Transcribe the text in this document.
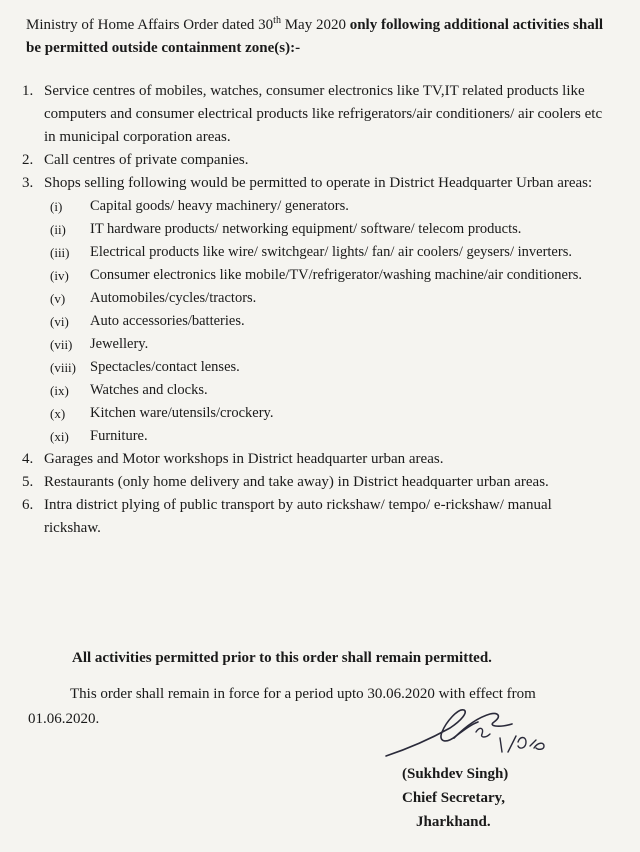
Ministry of Home Affairs Order dated 30th May 2020 only following additional activities shall be permitted outside containment zone(s):-

1. Service centres of mobiles, watches, consumer electronics like TV,IT related products like computers and consumer electrical products like refrigerators/air conditioners/ air coolers etc in municipal corporation areas.
2. Call centres of private companies.
3. Shops selling following would be permitted to operate in District Headquarter Urban areas:
(i) Capital goods/ heavy machinery/ generators.
(ii) IT hardware products/ networking equipment/ software/ telecom products.
(iii) Electrical products like wire/ switchgear/ lights/ fan/ air coolers/ geysers/ inverters.
(iv) Consumer electronics like mobile/TV/refrigerator/washing machine/air conditioners.
(v) Automobiles/cycles/tractors.
(vi) Auto accessories/batteries.
(vii) Jewellery.
(viii) Spectacles/contact lenses.
(ix) Watches and clocks.
(x) Kitchen ware/utensils/crockery.
(xi) Furniture.
4. Garages and Motor workshops in District headquarter urban areas.
5. Restaurants (only home delivery and take away) in District headquarter urban areas.
6. Intra district plying of public transport by auto rickshaw/ tempo/ e-rickshaw/ manual rickshaw.

All activities permitted prior to this order shall remain permitted.

This order shall remain in force for a period upto 30.06.2020 with effect from 01.06.2020.

(Sukhdev Singh)
Chief Secretary,
Jharkhand.
